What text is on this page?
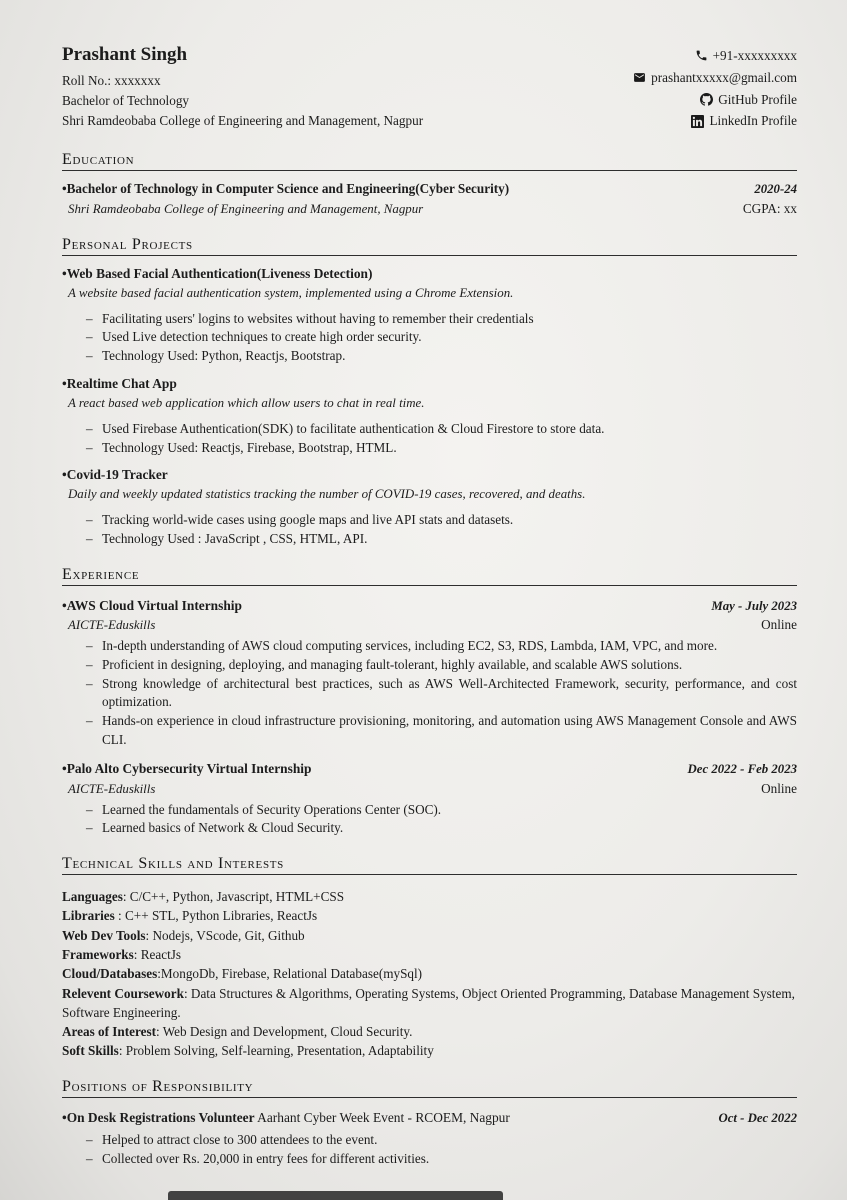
Prashant Singh
Roll No.: xxxxxxx
Bachelor of Technology
Shri Ramdeobaba College of Engineering and Management, Nagpur
+91-xxxxxxxxx
prashantxxxxx@gmail.com
GitHub Profile
LinkedIn Profile
Education
•Bachelor of Technology in Computer Science and Engineering(Cyber Security)	2020-24
Shri Ramdeobaba College of Engineering and Management, Nagpur	CGPA: xx
Personal Projects
•Web Based Facial Authentication(Liveness Detection)
A website based facial authentication system, implemented using a Chrome Extension.
– Facilitating users' logins to websites without having to remember their credentials
– Used Live detection techniques to create high order security.
– Technology Used: Python, Reactjs, Bootstrap.
•Realtime Chat App
A react based web application which allow users to chat in real time.
– Used Firebase Authentication(SDK) to facilitate authentication & Cloud Firestore to store data.
– Technology Used: Reactjs, Firebase, Bootstrap, HTML.
•Covid-19 Tracker
Daily and weekly updated statistics tracking the number of COVID-19 cases, recovered, and deaths.
– Tracking world-wide cases using google maps and live API stats and datasets.
– Technology Used : JavaScript , CSS, HTML, API.
Experience
•AWS Cloud Virtual Internship	May - July 2023
AICTE-Eduskills	Online
– In-depth understanding of AWS cloud computing services, including EC2, S3, RDS, Lambda, IAM, VPC, and more.
– Proficient in designing, deploying, and managing fault-tolerant, highly available, and scalable AWS solutions.
– Strong knowledge of architectural best practices, such as AWS Well-Architected Framework, security, performance, and cost optimization.
– Hands-on experience in cloud infrastructure provisioning, monitoring, and automation using AWS Management Console and AWS CLI.
•Palo Alto Cybersecurity Virtual Internship	Dec 2022 - Feb 2023
AICTE-Eduskills	Online
– Learned the fundamentals of Security Operations Center (SOC).
– Learned basics of Network & Cloud Security.
Technical Skills and Interests
Languages: C/C++, Python, Javascript, HTML+CSS
Libraries : C++ STL, Python Libraries, ReactJs
Web Dev Tools: Nodejs, VScode, Git, Github
Frameworks: ReactJs
Cloud/Databases:MongoDb, Firebase, Relational Database(mySql)
Relevent Coursework: Data Structures & Algorithms, Operating Systems, Object Oriented Programming, Database Management System, Software Engineering.
Areas of Interest: Web Design and Development, Cloud Security.
Soft Skills: Problem Solving, Self-learning, Presentation, Adaptability
Positions of Responsibility
•On Desk Registrations Volunteer Aarhant Cyber Week Event - RCOEM, Nagpur	Oct - Dec 2022
– Helped to attract close to 300 attendees to the event.
– Collected over Rs. 20,000 in entry fees for different activities.
